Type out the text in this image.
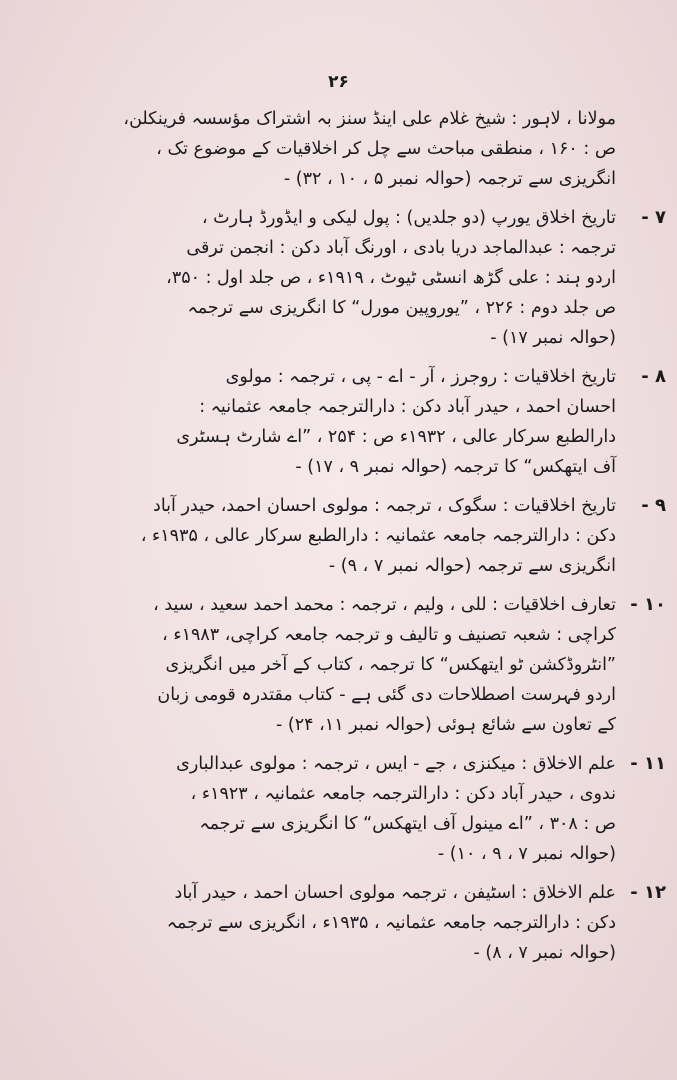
۲۶
مولانا ، لاہور : شیخ غلام علی اینڈ سنز بہ اشتراک مؤسسہ فرینکلن،
ص : ۱۶۰ ، منطقی مباحث سے چل کر اخلاقیات کے موضوع تک ،
انگریزی سے ترجمہ (حوالہ نمبر ۵ ، ۱۰ ، ۳۲) -
۷ -
تاریخ اخلاق یورپ (دو جلدیں) : پول لیکی و ایڈورڈ ہارٹ ،
ترجمہ : عبدالماجد دریا بادی ، اورنگ آباد دکن : انجمن ترقی
اردو ہند : علی گڑھ انسٹی ٹیوٹ ، ۱۹۱۹ء ، ص جلد اول : ۳۵۰،
ص جلد دوم : ۲۲۶ ، ”یوروپین مورل“ کا انگریزی سے ترجمہ
(حوالہ نمبر ۱۷) -
۸ -
تاریخ اخلاقیات : روجرز ، آر - اے - پی ، ترجمہ : مولوی
احسان احمد ، حیدر آباد دکن : دارالترجمہ جامعہ عثمانیہ :
دارالطبع سرکار عالی ، ۱۹۳۲ء ص : ۲۵۴ ، ”اے شارٹ ہسٹری
آف ایتھکس“ کا ترجمہ (حوالہ نمبر ۹ ، ۱۷) -
۹ -
تاریخ اخلاقیات : سگوک ، ترجمہ : مولوی احسان احمد، حیدر آباد
دکن : دارالترجمہ جامعہ عثمانیہ : دارالطبع سرکار عالی ، ۱۹۳۵ء ،
انگریزی سے ترجمہ (حوالہ نمبر ۷ ، ۹) -
۱۰ -
تعارف اخلاقیات : للی ، ولیم ، ترجمہ : محمد احمد سعید ، سید ،
کراچی : شعبہ تصنیف و تالیف و ترجمہ جامعہ کراچی، ۱۹۸۳ء ،
”انٹروڈکشن ٹو ایتھکس“ کا ترجمہ ، کتاب کے آخر میں انگریزی
اردو فہرست اصطلاحات دی گئی ہے - کتاب مقتدرہ قومی زبان
کے تعاون سے شائع ہوئی (حوالہ نمبر ۱۱، ۲۴) -
۱۱ -
علم الاخلاق : میکنزی ، جے - ایس ، ترجمہ : مولوی عبدالباری
ندوی ، حیدر آباد دکن : دارالترجمہ جامعہ عثمانیہ ، ۱۹۲۳ء ،
ص : ۳۰۸ ، ”اے مینول آف ایتھکس“ کا انگریزی سے ترجمہ
(حوالہ نمبر ۷ ، ۹ ، ۱۰) -
۱۲ -
علم الاخلاق : اسٹیفن ، ترجمہ مولوی احسان احمد ، حیدر آباد
دکن : دارالترجمہ جامعہ عثمانیہ ، ۱۹۳۵ء ، انگریزی سے ترجمہ
(حوالہ نمبر ۷ ، ۸) -
